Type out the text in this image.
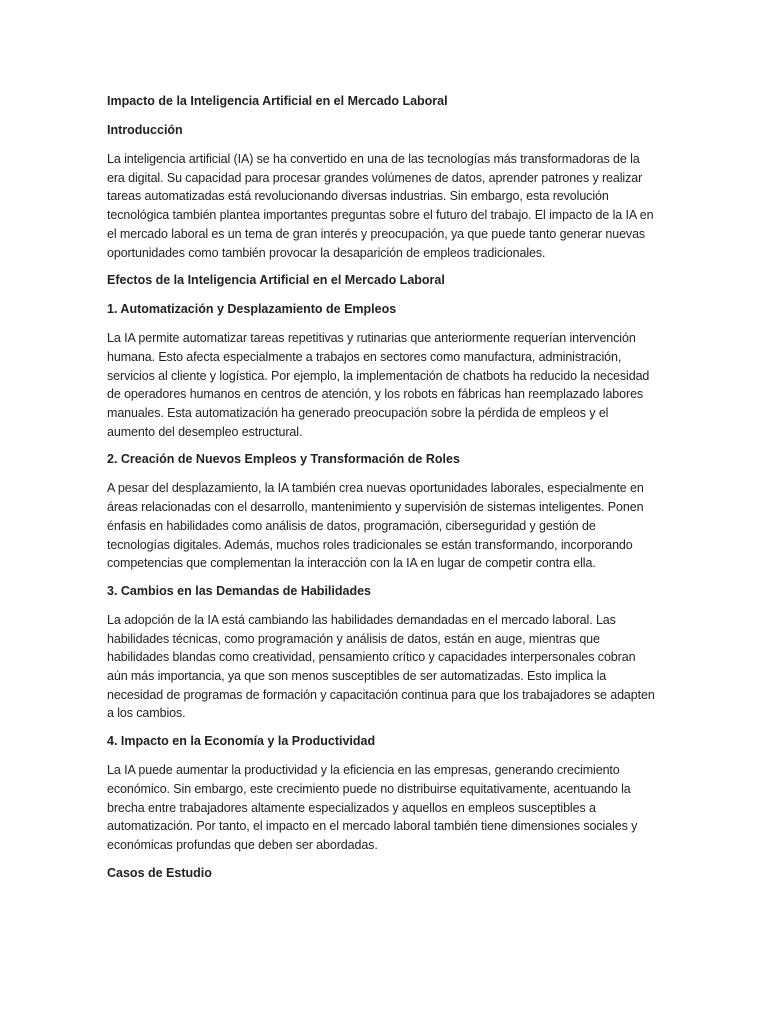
Impacto de la Inteligencia Artificial en el Mercado Laboral
Introducción

La inteligencia artificial (IA) se ha convertido en una de las tecnologías más transformadoras de la era digital. Su capacidad para procesar grandes volúmenes de datos, aprender patrones y realizar tareas automatizadas está revolucionando diversas industrias. Sin embargo, esta revolución tecnológica también plantea importantes preguntas sobre el futuro del trabajo. El impacto de la IA en el mercado laboral es un tema de gran interés y preocupación, ya que puede tanto generar nuevas oportunidades como también provocar la desaparición de empleos tradicionales.

Efectos de la Inteligencia Artificial en el Mercado Laboral
1. Automatización y Desplazamiento de Empleos

La IA permite automatizar tareas repetitivas y rutinarias que anteriormente requerían intervención humana. Esto afecta especialmente a trabajos en sectores como manufactura, administración, servicios al cliente y logística. Por ejemplo, la implementación de chatbots ha reducido la necesidad de operadores humanos en centros de atención, y los robots en fábricas han reemplazado labores manuales. Esta automatización ha generado preocupación sobre la pérdida de empleos y el aumento del desempleo estructural.

2. Creación de Nuevos Empleos y Transformación de Roles

A pesar del desplazamiento, la IA también crea nuevas oportunidades laborales, especialmente en áreas relacionadas con el desarrollo, mantenimiento y supervisión de sistemas inteligentes. Ponen énfasis en habilidades como análisis de datos, programación, ciberseguridad y gestión de tecnologías digitales. Además, muchos roles tradicionales se están transformando, incorporando competencias que complementan la interacción con la IA en lugar de competir contra ella.

3. Cambios en las Demandas de Habilidades

La adopción de la IA está cambiando las habilidades demandadas en el mercado laboral. Las habilidades técnicas, como programación y análisis de datos, están en auge, mientras que habilidades blandas como creatividad, pensamiento crítico y capacidades interpersonales cobran aún más importancia, ya que son menos susceptibles de ser automatizadas. Esto implica la necesidad de programas de formación y capacitación continua para que los trabajadores se adapten a los cambios.

4. Impacto en la Economía y la Productividad

La IA puede aumentar la productividad y la eficiencia en las empresas, generando crecimiento económico. Sin embargo, este crecimiento puede no distribuirse equitativamente, acentuando la brecha entre trabajadores altamente especializados y aquellos en empleos susceptibles a automatización. Por tanto, el impacto en el mercado laboral también tiene dimensiones sociales y económicas profundas que deben ser abordadas.

Casos de Estudio
